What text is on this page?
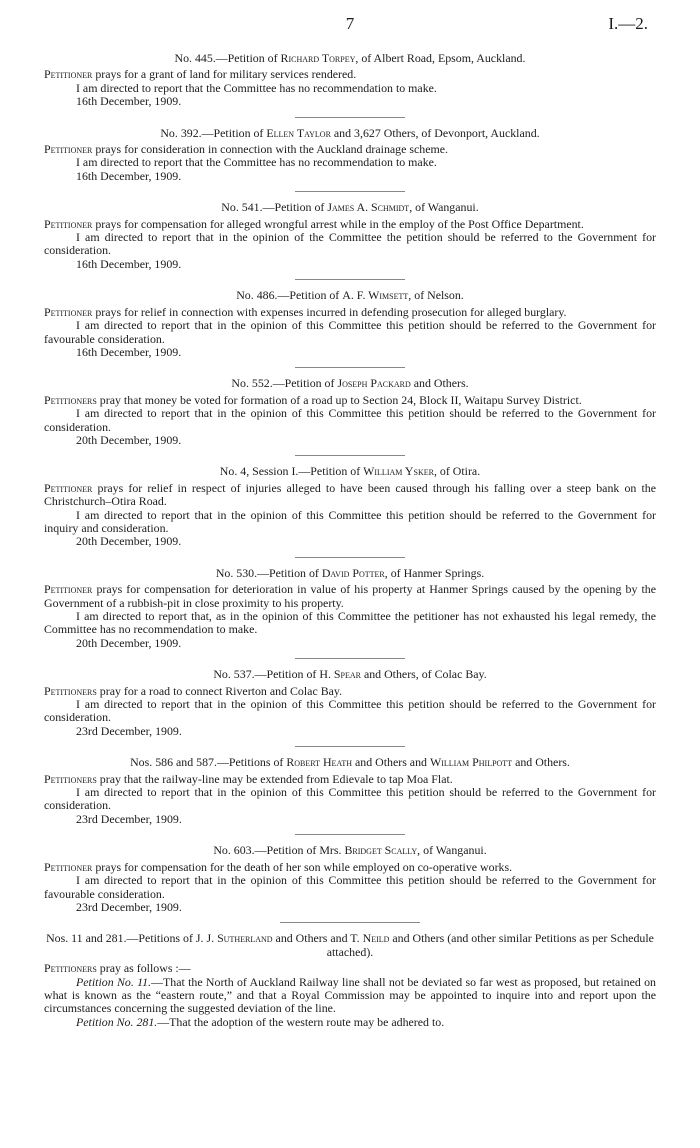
7	I.—2.

No. 445.—Petition of Richard Torpey, of Albert Road, Epsom, Auckland.

Petitioner prays for a grant of land for military services rendered.

I am directed to report that the Committee has no recommendation to make.

16th December, 1909.

No. 392.—Petition of Ellen Taylor and 3,627 Others, of Devonport, Auckland.

Petitioner prays for consideration in connection with the Auckland drainage scheme.

I am directed to report that the Committee has no recommendation to make.

16th December, 1909.

No. 541.—Petition of James A. Schmidt, of Wanganui.

Petitioner prays for compensation for alleged wrongful arrest while in the employ of the Post Office Department.

I am directed to report that in the opinion of the Committee the petition should be referred to the Government for consideration.

16th December, 1909.

No. 486.—Petition of A. F. Wimsett, of Nelson.

Petitioner prays for relief in connection with expenses incurred in defending prosecution for alleged burglary.

I am directed to report that in the opinion of this Committee this petition should be referred to the Government for favourable consideration.

16th December, 1909.

No. 552.—Petition of Joseph Packard and Others.

Petitioners pray that money be voted for formation of a road up to Section 24, Block II, Waitapu Survey District.

I am directed to report that in the opinion of this Committee this petition should be referred to the Government for consideration.

20th December, 1909.

No. 4, Session I.—Petition of William Ysker, of Otira.

Petitioner prays for relief in respect of injuries alleged to have been caused through his falling over a steep bank on the Christchurch–Otira Road.

I am directed to report that in the opinion of this Committee this petition should be referred to the Government for inquiry and consideration.

20th December, 1909.

No. 530.—Petition of David Potter, of Hanmer Springs.

Petitioner prays for compensation for deterioration in value of his property at Hanmer Springs caused by the opening by the Government of a rubbish-pit in close proximity to his property.

I am directed to report that, as in the opinion of this Committee the petitioner has not exhausted his legal remedy, the Committee has no recommendation to make.

20th December, 1909.

No. 537.—Petition of H. Spear and Others, of Colac Bay.

Petitioners pray for a road to connect Riverton and Colac Bay.

I am directed to report that in the opinion of this Committee this petition should be referred to the Government for consideration.

23rd December, 1909.

Nos. 586 and 587.—Petitions of Robert Heath and Others and William Philpott and Others.

Petitioners pray that the railway-line may be extended from Edievale to tap Moa Flat.

I am directed to report that in the opinion of this Committee this petition should be referred to the Government for consideration.

23rd December, 1909.

No. 603.—Petition of Mrs. Bridget Scally, of Wanganui.

Petitioner prays for compensation for the death of her son while employed on co-operative works.

I am directed to report that in the opinion of this Committee this petition should be referred to the Government for favourable consideration.

23rd December, 1909.

Nos. 11 and 281.—Petitions of J. J. Sutherland and Others and T. Neild and Others (and other similar Petitions as per Schedule attached).

Petitioners pray as follows :—

Petition No. 11.—That the North of Auckland Railway line shall not be deviated so far west as proposed, but retained on what is known as the “eastern route,” and that a Royal Commission may be appointed to inquire into and report upon the circumstances concerning the suggested deviation of the line.

Petition No. 281.—That the adoption of the western route may be adhered to.
